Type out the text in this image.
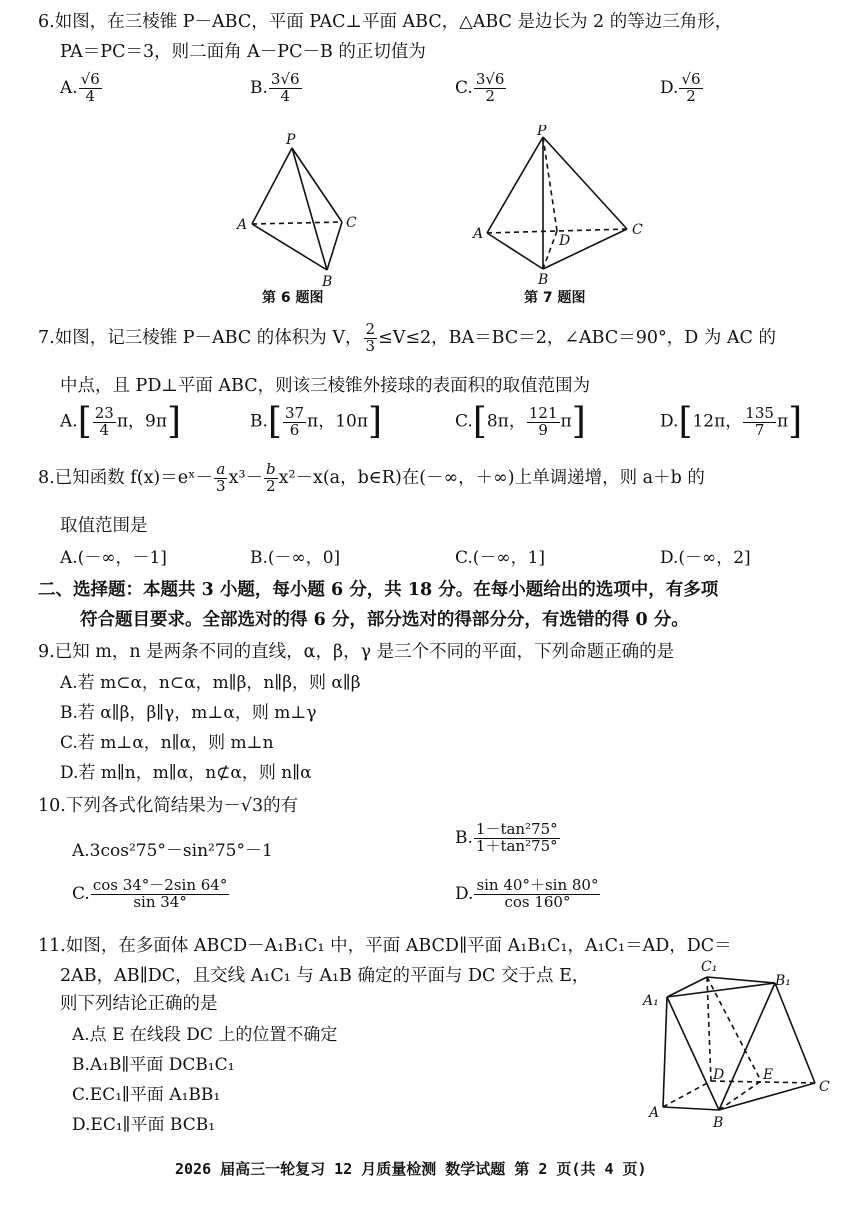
6.如图，在三棱锥 P－ABC，平面 PAC⊥平面 ABC，△ABC 是边长为 2 的等边三角形，
PA＝PC＝3，则二面角 A－PC－B 的正切值为
A. $\frac{√6}{4}$	B. $\frac{3√6}{4}$	C. $\frac{3√6}{2}$	D. $\frac{√6}{2}$
P
A	C
B
第 6 题图
P
A	C
D
B
第 7 题图
7.如图，记三棱锥 P－ABC 的体积为 V， $\frac{2}{3} \le V\le 2$，BA＝BC＝2，∠ABC＝90°，D 为 AC 的
中点，且 PD⊥平面 ABC，则该三棱锥外接球的表面积的取值范围为
$A.[ \frac{23}{4}$ π，9π]	$B.[ \frac{37}{6}$ π，10π]	C.[8π， $\frac{121}{9} \pi$]	D.[12π， $\frac{135}{7} \pi$]
8.已知函数 f(x)＝eˣ－ $\frac{a}{3} x^3- \frac{b}{2} x^2-x(a$，b∈R)在(－∞，＋∞)上单调递增，则 a＋b 的
取值范围是
A.(－∞，－1]	B.(－∞，0]	C.(－∞，1]	D.(－∞，2]
二、选择题：本题共 3 小题，每小题 6 分，共 18 分。在每小题给出的选项中，有多项
符合题目要求。全部选对的得 6 分，部分选对的得部分分，有选错的得 0 分。
9.已知 m，n 是两条不同的直线，α，β，γ 是三个不同的平面，下列命题正确的是
A.若 m⊂α，n⊂α，m∥β，n∥β，则 α∥β
B.若 α∥β，β∥γ，m⊥α，则 m⊥γ
C.若 m⊥α，n∥α，则 m⊥n
D.若 m∥n，m∥α，n⊄α，则 n∥α
10.下列各式化简结果为－√3的有
A.3cos²75°－sin²75°－1
B. $\frac{\text{1－tan²75°}}{\text{1＋tan²75°}}$
C. $\frac{\cos 34^\circ-2\sin 64^\circ}{\sin 34^\circ}$	D. $\frac{\sin 40^\circ+\sin 80^\circ}{\cos 160^\circ}$
11.如图，在多面体 ABCD－A₁B₁C₁ 中，平面 ABCD∥平面 A₁B₁C₁，A₁C₁＝AD，DC＝
2AB，AB∥DC，且交线 A₁C₁ 与 A₁B 确定的平面与 DC 交于点 E，
则下列结论正确的是
A.点 E 在线段 DC 上的位置不确定
B.A₁B∥平面 DCB₁C₁
C.EC₁∥平面 A₁BB₁
D.EC₁∥平面 BCB₁
C₁
B₁
A₁
D	E
C
A
B
2026 届高三一轮复习 12 月质量检测 数学试题 第 2 页(共 4 页)
